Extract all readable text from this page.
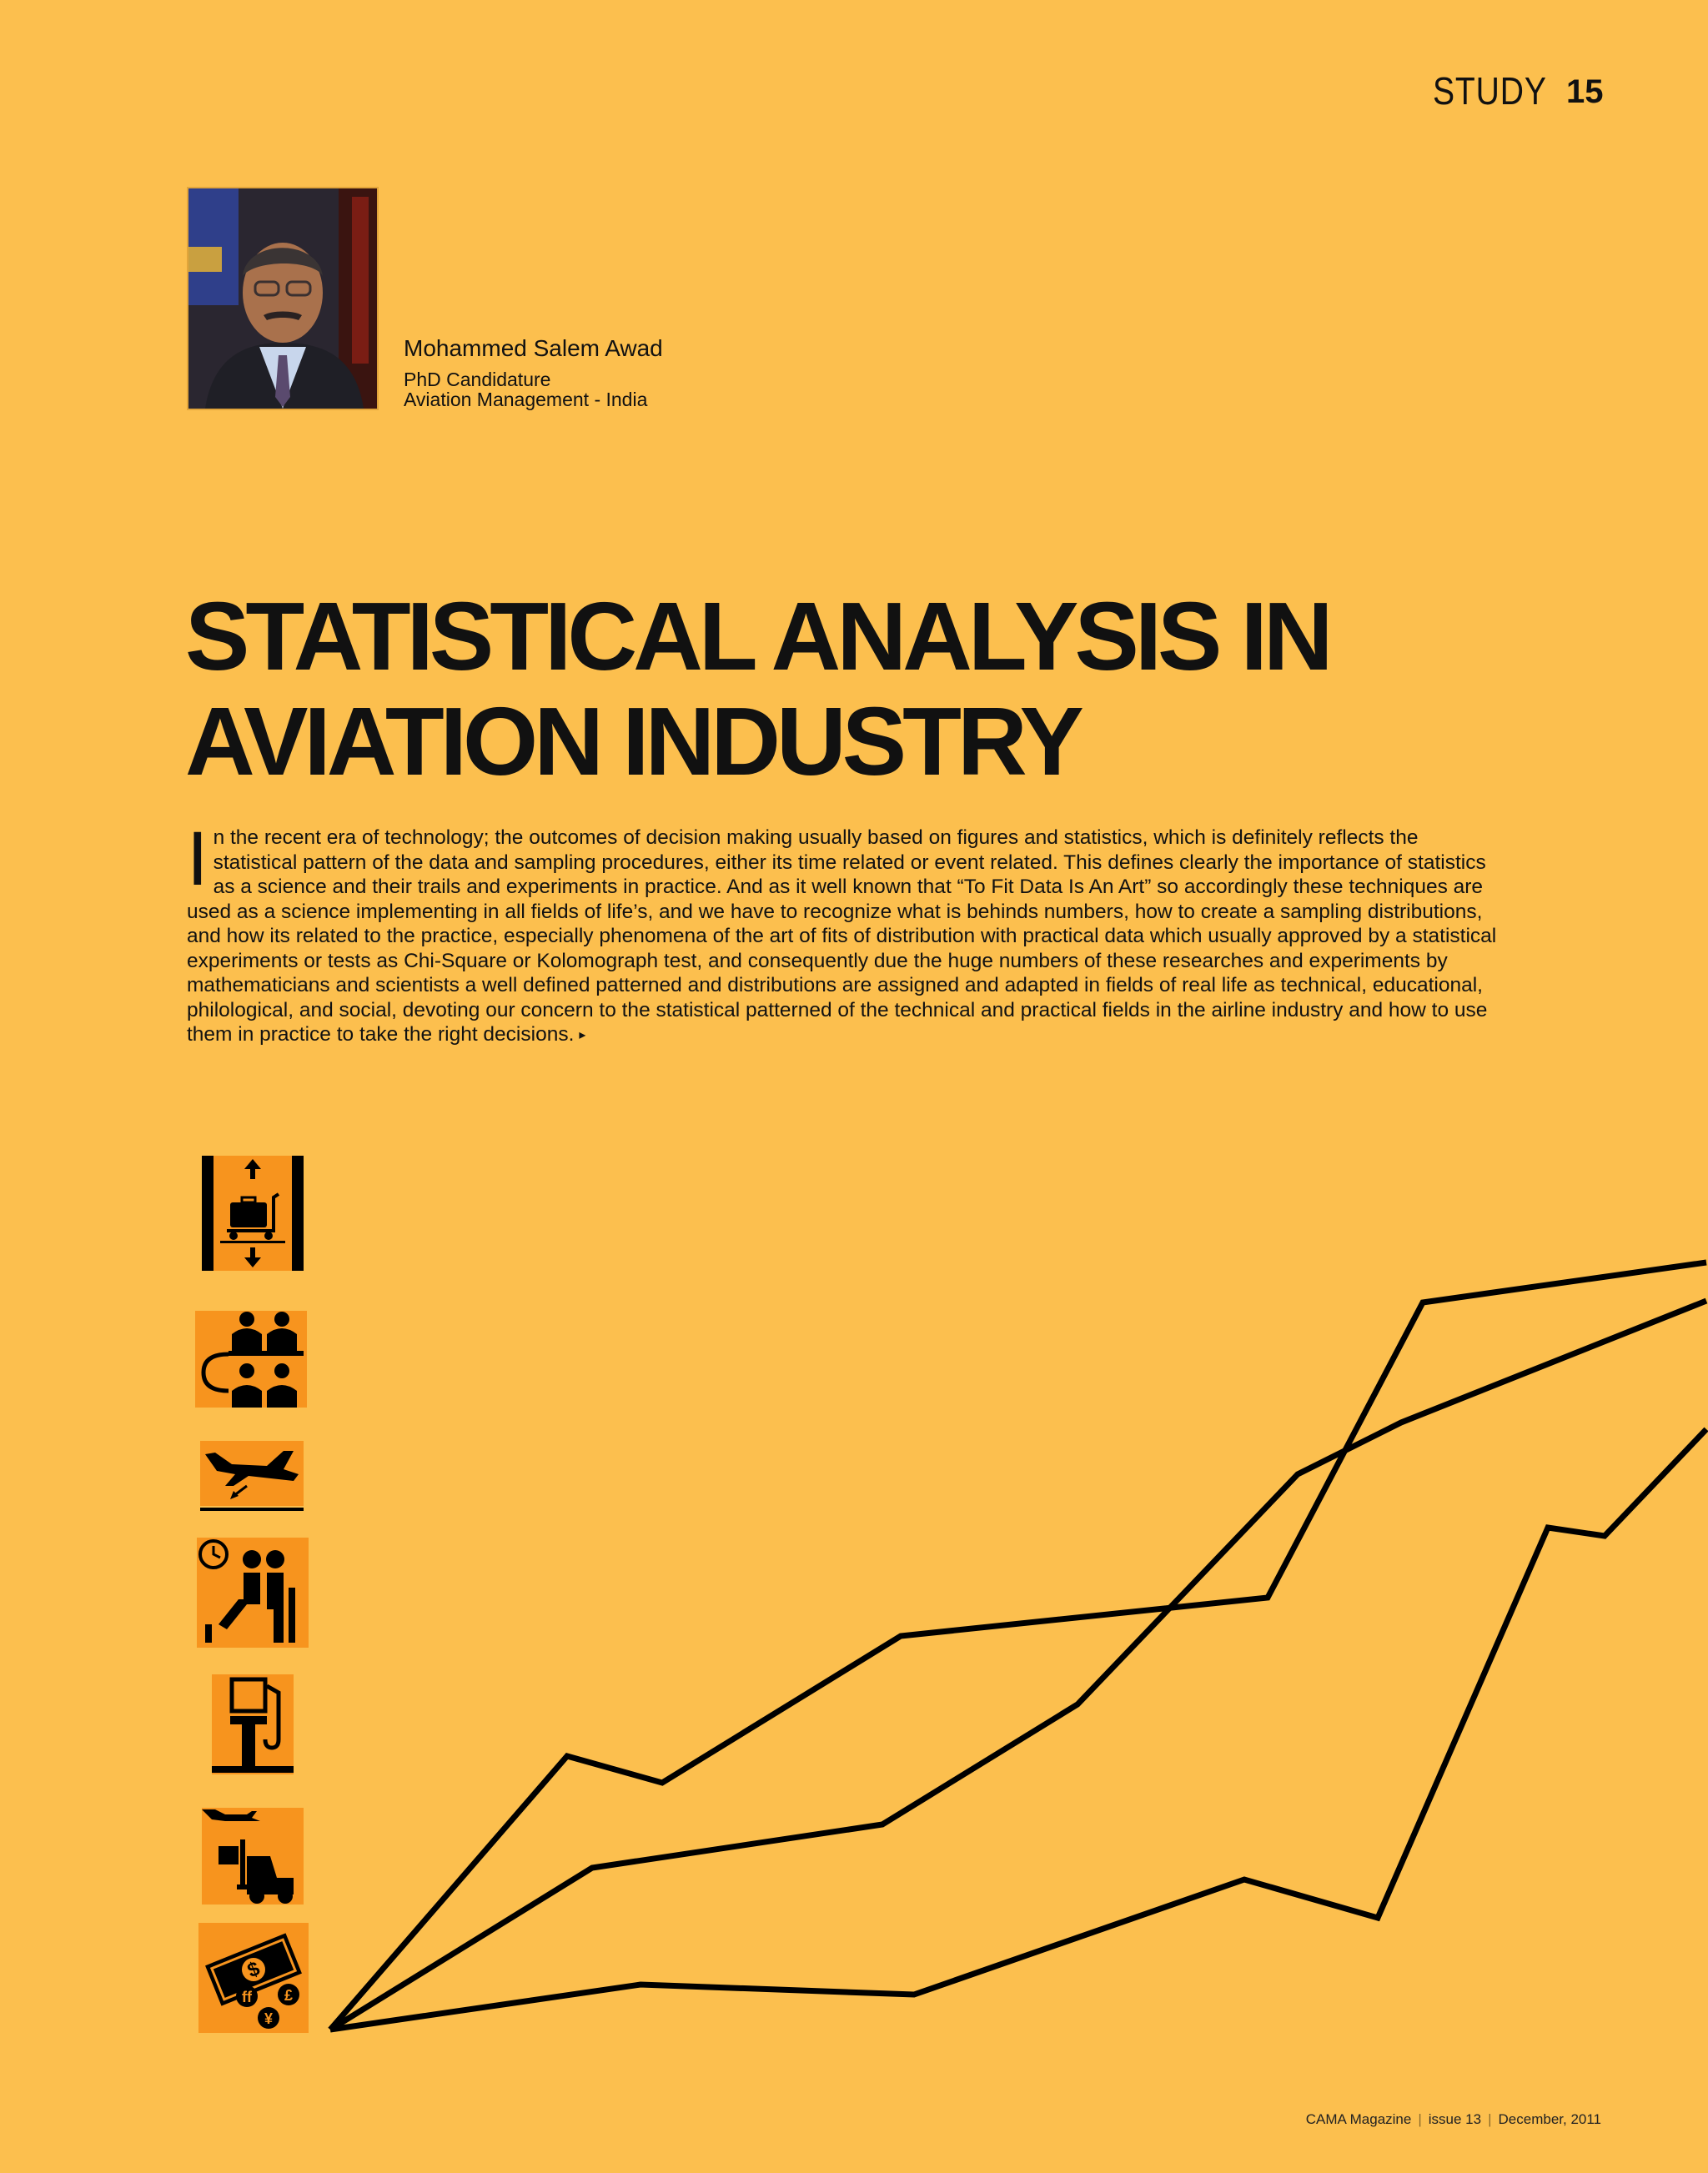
STUDY 15
Mohammed Salem Awad
PhD Candidature
Aviation Management - India
STATISTICAL ANALYSIS IN
AVIATION INDUSTRY
In the recent era of technology; the outcomes of decision making usually based on figures and statistics, which is definitely reflects the statistical pattern of the data and sampling procedures, either its time related or event related. This defines clearly the importance of statistics as a science and their trails and experiments in practice. And as it well known that “To Fit Data Is An Art” so accordingly these techniques are used as a science implementing in all fields of life’s, and we have to recognize what is behinds numbers, how to create a sampling distributions, and how its related to the practice, especially phenomena of the art of fits of distribution with practical data which usually approved by a statistical experiments or tests as Chi-Square or Kolomograph test, and consequently due the huge numbers of these researches and experiments by mathematicians and scientists a well defined patterned and distributions are assigned and adapted in fields of real life as technical, educational, philological, and social, devoting our concern to the statistical patterned of the technical and practical fields in the airline industry and how to use them in practice to take the right decisions. ▸
$
ff £
¥
CAMA Magazine | issue 13 | December, 2011
